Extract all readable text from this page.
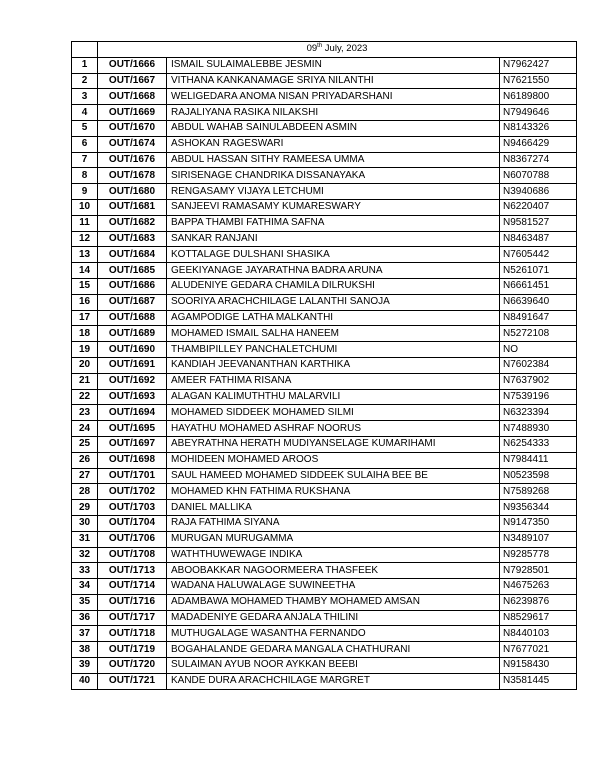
	09th July, 2023		
1	OUT/1666	ISMAIL SULAIMALEBBE JESMIN	N7962427
2	OUT/1667	VITHANA KANKANAMAGE SRIYA NILANTHI	N7621550
3	OUT/1668	WELIGEDARA ANOMA NISAN PRIYADARSHANI	N6189800
4	OUT/1669	RAJALIYANA RASIKA NILAKSHI	N7949646
5	OUT/1670	ABDUL WAHAB SAINULABDEEN ASMIN	N8143326
6	OUT/1674	ASHOKAN RAGESWARI	N9466429
7	OUT/1676	ABDUL HASSAN SITHY RAMEESA UMMA	N8367274
8	OUT/1678	SIRISENAGE CHANDRIKA DISSANAYAKA	N6070788
9	OUT/1680	RENGASAMY VIJAYA LETCHUMI	N3940686
10	OUT/1681	SANJEEVI RAMASAMY KUMARESWARY	N6220407
11	OUT/1682	BAPPA THAMBI FATHIMA SAFNA	N9581527
12	OUT/1683	SANKAR RANJANI	N8463487
13	OUT/1684	KOTTALAGE DULSHANI SHASIKA	N7605442
14	OUT/1685	GEEKIYANAGE JAYARATHNA BADRA ARUNA	N5261071
15	OUT/1686	ALUDENIYE GEDARA CHAMILA DILRUKSHI	N6661451
16	OUT/1687	SOORIYA ARACHCHILAGE LALANTHI SANOJA	N6639640
17	OUT/1688	AGAMPODIGE LATHA MALKANTHI	N8491647
18	OUT/1689	MOHAMED ISMAIL SALHA HANEEM	N5272108
19	OUT/1690	THAMBIPILLEY PANCHALETCHUMI	NO
20	OUT/1691	KANDIAH JEEVANANTHAN KARTHIKA	N7602384
21	OUT/1692	AMEER FATHIMA RISANA	N7637902
22	OUT/1693	ALAGAN KALIMUTHTHU MALARVILI	N7539196
23	OUT/1694	MOHAMED SIDDEEK MOHAMED SILMI	N6323394
24	OUT/1695	HAYATHU MOHAMED ASHRAF NOORUS	N7488930
25	OUT/1697	ABEYRATHNA HERATH MUDIYANSELAGE KUMARIHAMI	N6254333
26	OUT/1698	MOHIDEEN MOHAMED AROOS	N7984411
27	OUT/1701	SAUL HAMEED MOHAMED SIDDEEK SULAIHA BEE BE	N0523598
28	OUT/1702	MOHAMED KHN FATHIMA RUKSHANA	N7589268
29	OUT/1703	DANIEL MALLIKA	N9356344
30	OUT/1704	RAJA FATHIMA SIYANA	N9147350
31	OUT/1706	MURUGAN MURUGAMMA	N3489107
32	OUT/1708	WATHTHUWEWAGE INDIKA	N9285778
33	OUT/1713	ABOOBAKKAR NAGOORMEERA THASFEEK	N7928501
34	OUT/1714	WADANA HALUWALAGE SUWINEETHA	N4675263
35	OUT/1716	ADAMBAWA MOHAMED THAMBY MOHAMED AMSAN	N6239876
36	OUT/1717	MADADENIYE GEDARA ANJALA THILINI	N8529617
37	OUT/1718	MUTHUGALAGE WASANTHA FERNANDO	N8440103
38	OUT/1719	BOGAHALANDE GEDARA MANGALA CHATHURANI	N7677021
39	OUT/1720	SULAIMAN AYUB NOOR AYKKAN BEEBI	N9158430
40	OUT/1721	KANDE DURA ARACHCHILAGE MARGRET	N3581445
